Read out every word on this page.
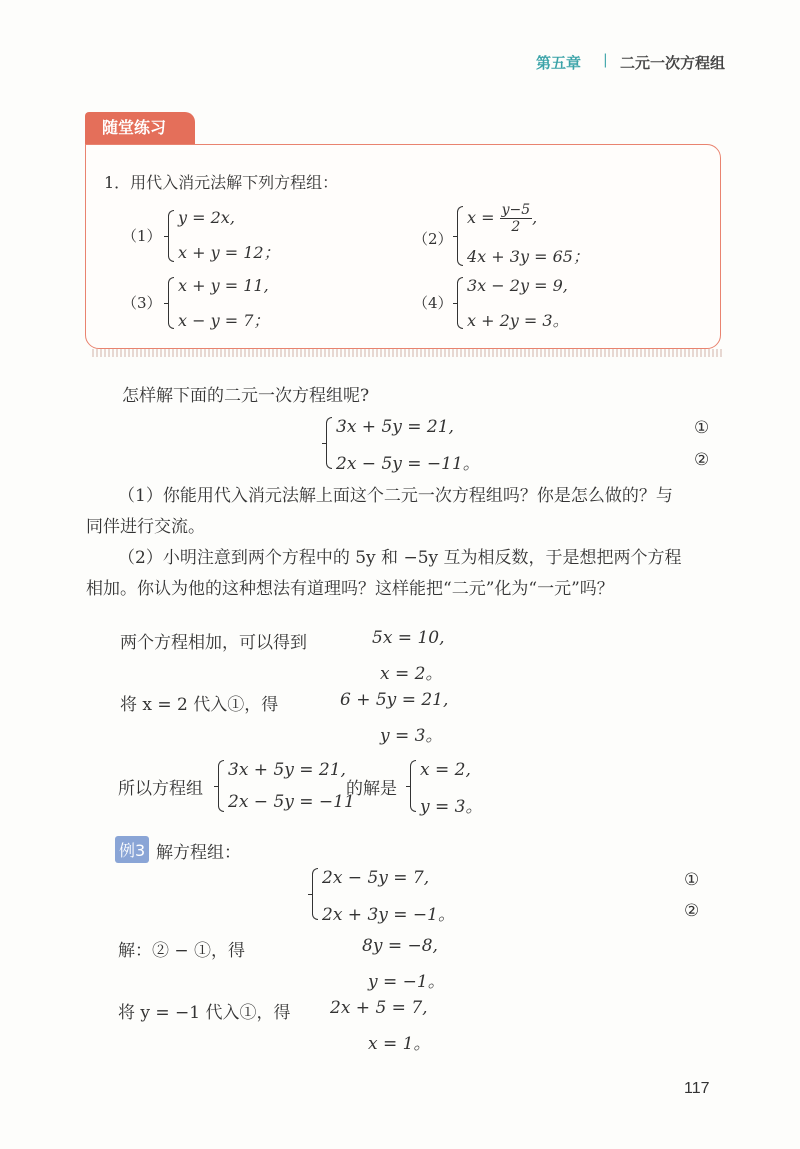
第五章 | 二元一次方程组
随堂练习
1．用代入消元法解下列方程组：
（1）
y = 2x,
x + y = 12；
（2）
$x = \frac{y-5}{2}$ ,
4x + 3y = 65；
（3）
x + y = 11,
x − y = 7；
（4）
3x − 2y = 9,
x + 2y = 3。
怎样解下面的二元一次方程组呢?
3x + 5y = 21,	①
2x − 5y = −11。	②
（1）你能用代入消元法解上面这个二元一次方程组吗？你是怎么做的？与
同伴进行交流。
（2）小明注意到两个方程中的 5y 和 −5y 互为相反数，于是想把两个方程
相加。你认为他的这种想法有道理吗？这样能把“二元”化为“一元”吗？
两个方程相加，可以得到	5x = 10,
x = 2。
将 x = 2 代入①，得	6 + 5y = 21,
y = 3。
所以方程组
3x + 5y = 21,
2x − 5y = −11
的解是
x = 2,
y = 3。
例3 解方程组：
2x − 5y = 7,	①
2x + 3y = −1。	②
解：② − ①，得	8y = −8,
y = −1。
将 y = −1 代入①，得 2x + 5 = 7,
x = 1。
117
